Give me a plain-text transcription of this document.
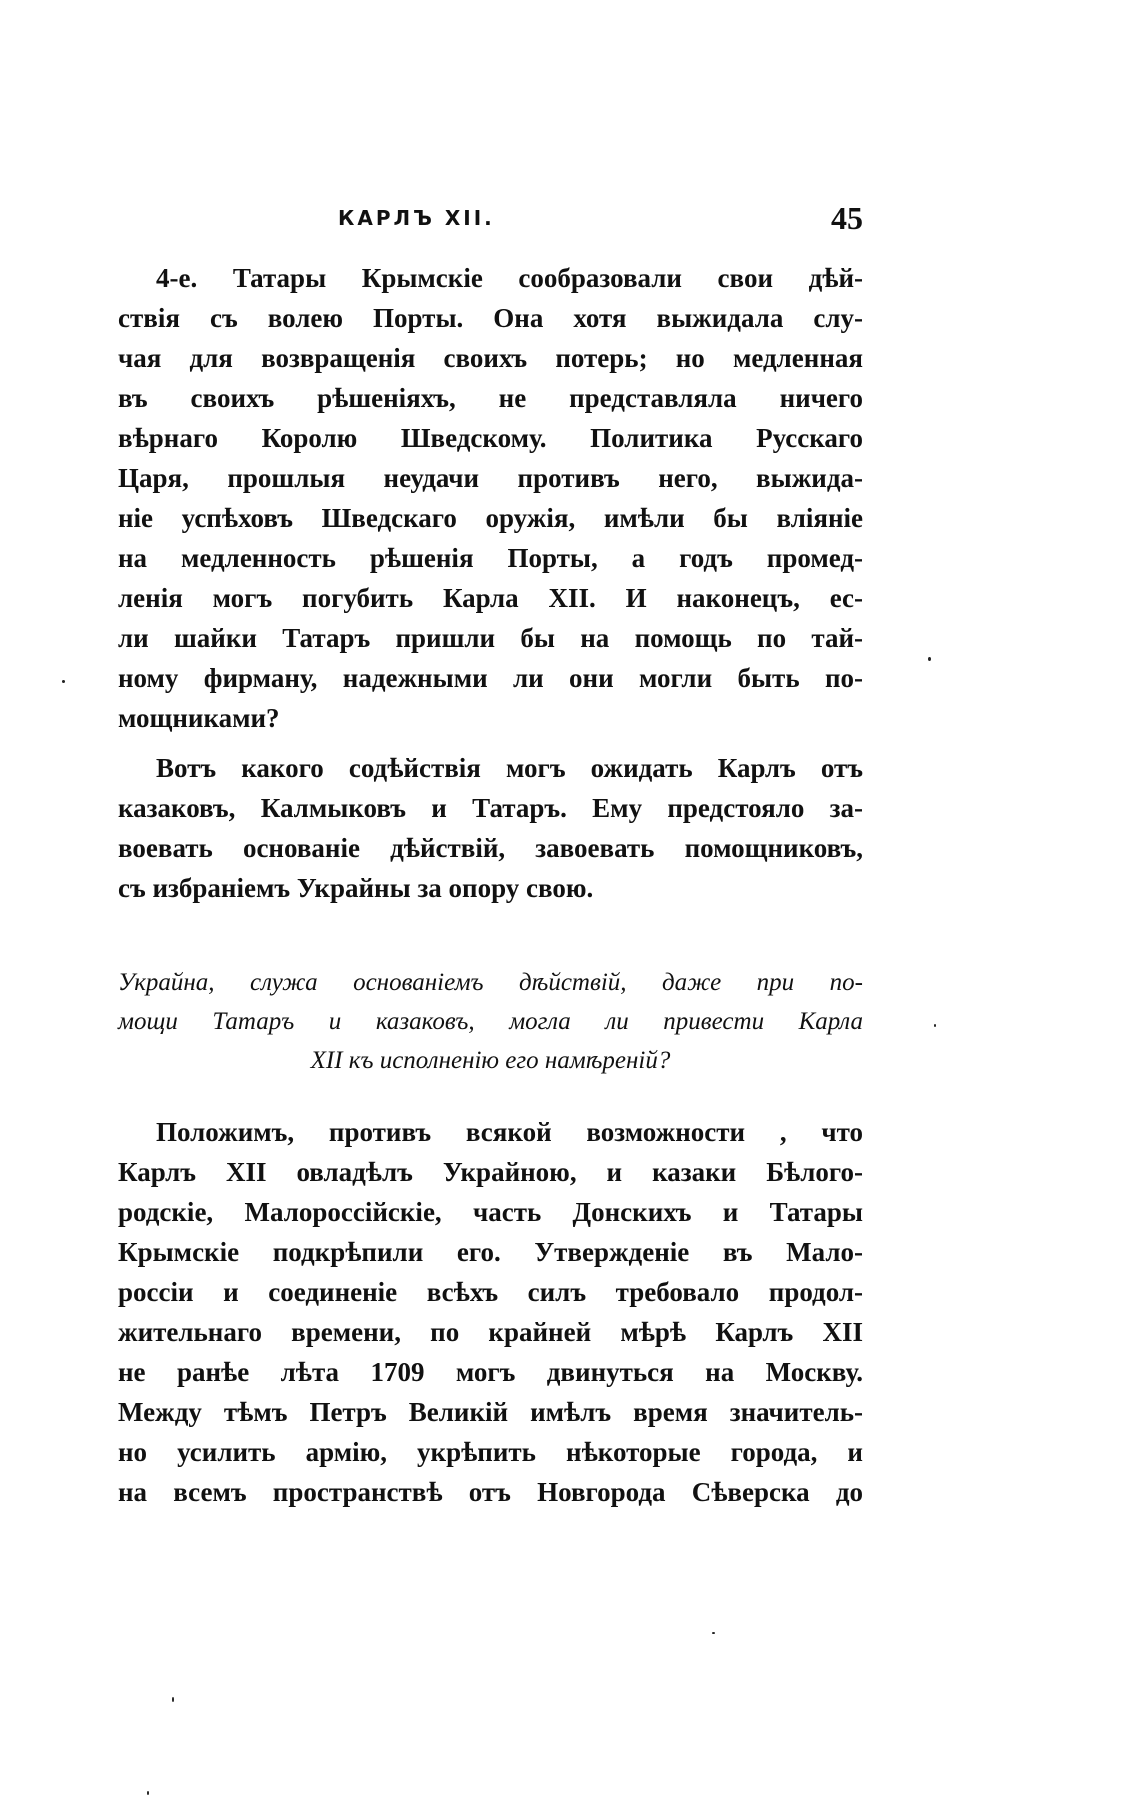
КАРЛЪ XII.	45
4-е. Татары Крымскіе сообразовали свои дѣй-
ствія съ волею Порты. Она хотя выжидала слу-
чая для возвращенія своихъ потерь; но медленная
въ своихъ рѣшеніяхъ, не представляла ничего
вѣрнаго Королю Шведскому. Политика Русскаго
Царя, прошлыя неудачи противъ него, выжида-
ніе успѣховъ Шведскаго оружія, имѣли бы вліяніе
на медленность рѣшенія Порты, а годъ промед-
ленія могъ погубить Карла XII. И наконецъ, ес-
ли шайки Татаръ пришли бы на помощь по тай-
ному фирману, надежными ли они могли быть по-
мощниками?
Вотъ какого содѣйствія могъ ожидать Карлъ отъ
казаковъ, Калмыковъ и Татаръ. Ему предстояло за-
воевать основаніе дѣйствій, завоевать помощниковъ,
съ избраніемъ Украйны за опору свою.
Украйна, служа основаніемъ дѣйствій, даже при по-
мощи Татаръ и казаковъ, могла ли привести Карла
XII къ исполненію его намѣреній?
Положимъ, противъ всякой возможности , что
Карлъ XII овладѣлъ Украйною, и казаки Бѣлого-
родскіе, Малороссійскіе, часть Донскихъ и Татары
Крымскіе подкрѣпили его. Утвержденіе въ Мало-
россіи и соединеніе всѣхъ силъ требовало продол-
жительнаго времени, по крайней мѣрѣ Карлъ XII
не ранѣе лѣта 1709 могъ двинуться на Москву.
Между тѣмъ Петръ Великій имѣлъ время значитель-
но усилить армію, укрѣпить нѣкоторые города, и
на всемъ пространствѣ отъ Новгорода Сѣверска до
